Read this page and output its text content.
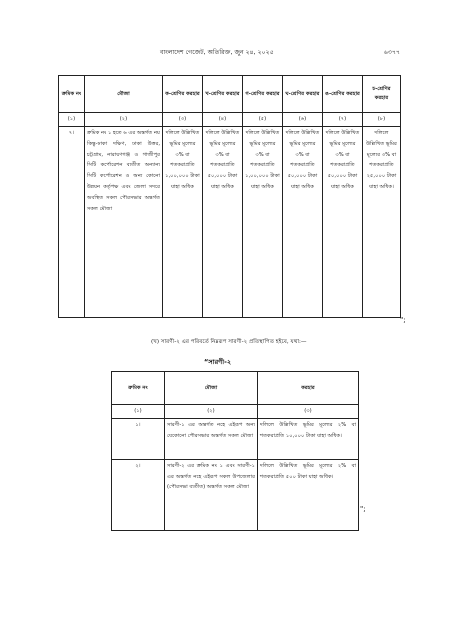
বাংলাদেশ গেজেট, অতিরিক্ত, জুন ২৪, ২০২৫	৬৩৭৭
ক্রমিক নং	মৌজা	ক-শ্রেণির করহার	খ-শ্রেণির করহার	গ-শ্রেণির করহার	ঘ-শ্রেণির করহার	ঙ-শ্রেণির করহার	চ-শ্রেণির করহার
(১)	(২)	(৩)	(৪)	(৫)	(৬)	(৭)	(৮)
৭।	ক্রমিক নং ১ হতে ৬ এর অন্তর্গত নয় কিন্তু-ঢাকা দক্ষিণ, ঢাকা উত্তর, চট্টগ্রাম, নারায়ণগঞ্জ ও গাজীপুর সিটি কর্পোরেশন ব্যতীত অন্যান্য সিটি কর্পোরেশন ও অন্য কোনো উন্নয়ন কর্তৃপক্ষ এবং জেলা সদরে অবস্থিত সকল পৌরসভার অন্তর্গত সকল মৌজা	দলিলে উল্লিখিত ভূমির মূল্যের ৩% বা শতকরাপ্রতি ১,০০,০০০ টাকা যাহা অধিক	দলিলে উল্লিখিত ভূমির মূল্যের ৩% বা শতকরাপ্রতি ৫০,০০০ টাকা যাহা অধিক	দলিলে উল্লিখিত ভূমির মূল্যের ৩% বা শতকরাপ্রতি ১,০০,০০০ টাকা যাহা অধিক	দলিলে উল্লিখিত ভূমির মূল্যের ৩% বা শতকরাপ্রতি ৫০,০০০ টাকা যাহা অধিক	দলিলে উল্লিখিত ভূমির মূল্যের ৩% বা শতকরাপ্রতি ৫০,০০০ টাকা যাহা অধিক	দলিলে উল্লিখিত ভূমির মূল্যের ৩% বা শতকরাপ্রতি ২৫,০০০ টাকা যাহা অধিক।
";
(খ) সারণী-২ এর পরিবর্তে নিম্নরূপ সারণী-২ প্রতিস্থাপিত হইবে, যথা:—
“সারণী-২
ক্রমিক নং	মৌজা	করহার
(১)	(২)	(৩)
১।	সারণী-১ এর অন্তর্গত নহে এইরূপ অন্য যেকোনো পৌরসভার অন্তর্গত সকল মৌজা	দলিলে উল্লিখিত ভূমির মূল্যের ২% বা শতকরাপ্রতি ১০,০০০ টাকা যাহা অধিক।
২।	সারণী-২ এর ক্রমিক নং ১ এবং সারণী-১ এর অন্তর্গত নহে এইরূপ সকল উপজেলার (পৌরসভা ব্যতীত) অন্তর্গত সকল মৌজা	দলিলে উল্লিখিত ভূমির মূল্যের ২% বা শতকরাপ্রতি ৫০০ টাকা যাহা অধিক।
";
